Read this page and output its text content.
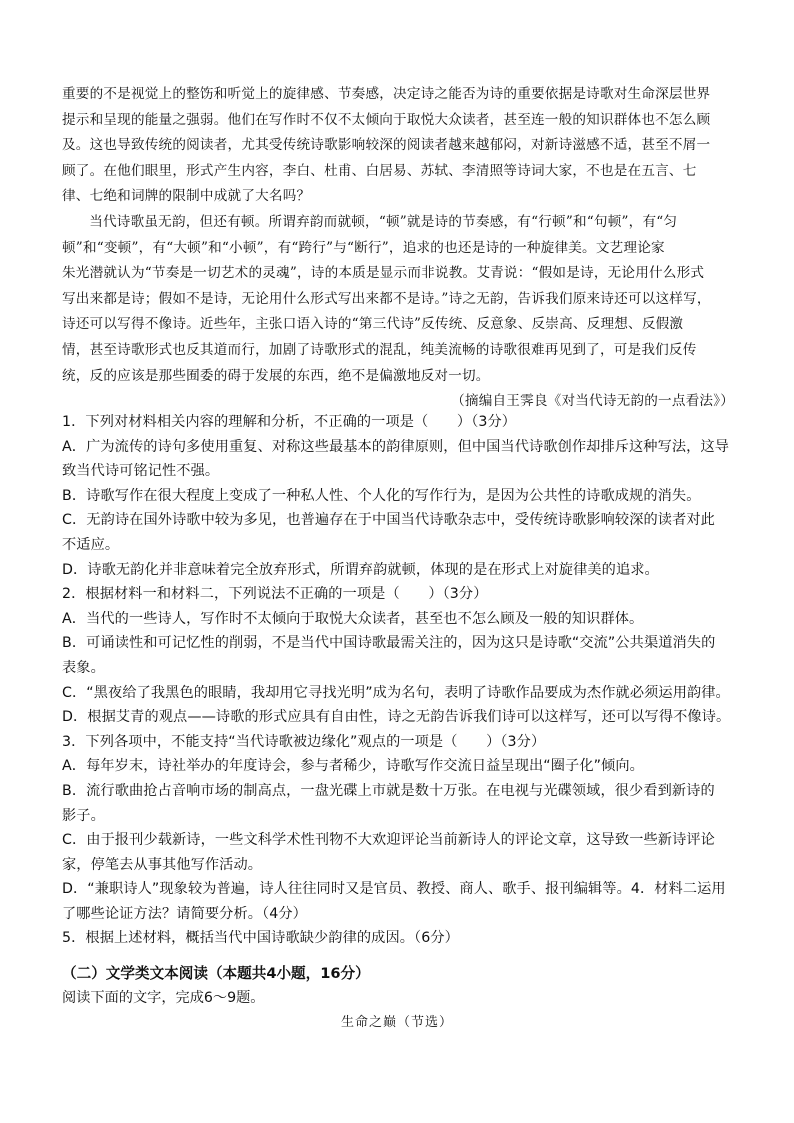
重要的不是视觉上的整饬和听觉上的旋律感、节奏感，决定诗之能否为诗的重要依据是诗歌对生命深层世界
提示和呈现的能量之强弱。他们在写作时不仅不太倾向于取悦大众读者，甚至连一般的知识群体也不怎么顾
及。这也导致传统的阅读者，尤其受传统诗歌影响较深的阅读者越来越郁闷，对新诗滋感不适，甚至不屑一
顾了。在他们眼里，形式产生内容，李白、杜甫、白居易、苏轼、李清照等诗词大家，不也是在五言、七
律、七绝和词牌的限制中成就了大名吗？

当代诗歌虽无韵，但还有顿。所谓弃韵而就顿，“顿”就是诗的节奏感，有“行顿”和“句顿”，有“匀
顿”和“变顿”，有“大顿”和“小顿”，有“跨行”与“断行”，追求的也还是诗的一种旋律美。文艺理论家
朱光潜就认为“节奏是一切艺术的灵魂”，诗的本质是显示而非说教。艾青说：“假如是诗，无论用什么形式
写出来都是诗；假如不是诗，无论用什么形式写出来都不是诗。”诗之无韵，告诉我们原来诗还可以这样写，
诗还可以写得不像诗。近些年，主张口语入诗的“第三代诗”反传统、反意象、反崇高、反理想、反假激
情，甚至诗歌形式也反其道而行，加剧了诗歌形式的混乱，纯美流畅的诗歌很难再见到了，可是我们反传
统，反的应该是那些囿委的碍于发展的东西，绝不是偏激地反对一切。

（摘编自王霁良《对当代诗无韵的一点看法》）

1．下列对材料相关内容的理解和分析，不正确的一项是（　　）（3分）

A．广为流传的诗句多使用重复、对称这些最基本的韵律原则，但中国当代诗歌创作却排斥这种写法，这导
致当代诗可铭记性不强。

B．诗歌写作在很大程度上变成了一种私人性、个人化的写作行为，是因为公共性的诗歌成规的消失。

C．无韵诗在国外诗歌中较为多见，也普遍存在于中国当代诗歌杂志中，受传统诗歌影响较深的读者对此
不适应。

D．诗歌无韵化并非意味着完全放弃形式，所谓弃韵就顿，体现的是在形式上对旋律美的追求。

2．根据材料一和材料二，下列说法不正确的一项是（　　）（3分）

A．当代的一些诗人，写作时不太倾向于取悦大众读者，甚至也不怎么顾及一般的知识群体。

B．可诵读性和可记忆性的削弱，不是当代中国诗歌最需关注的，因为这只是诗歌“交流”公共渠道消失的
表象。

C．“黑夜给了我黑色的眼睛，我却用它寻找光明”成为名句，表明了诗歌作品要成为杰作就必须运用韵律。

D．根据艾青的观点——诗歌的形式应具有自由性，诗之无韵告诉我们诗可以这样写，还可以写得不像诗。

3．下列各项中，不能支持“当代诗歌被边缘化”观点的一项是（　　）（3分）

A．每年岁末，诗社举办的年度诗会，参与者稀少，诗歌写作交流日益呈现出“圈子化”倾向。

B．流行歌曲抢占音响市场的制高点，一盘光碟上市就是数十万张。在电视与光碟领域，很少看到新诗的
影子。

C．由于报刊少载新诗，一些文科学术性刊物不大欢迎评论当前新诗人的评论文章，这导致一些新诗评论
家，停笔去从事其他写作活动。

D．“兼职诗人”现象较为普遍，诗人往往同时又是官员、教授、商人、歌手、报刊编辑等。4．材料二运用
了哪些论证方法？请简要分析。（4分）

5．根据上述材料，概括当代中国诗歌缺少韵律的成因。（6分）

（二）文学类文本阅读（本题共4小题，16分）
阅读下面的文字，完成6～9题。
生命之巅（节选）
